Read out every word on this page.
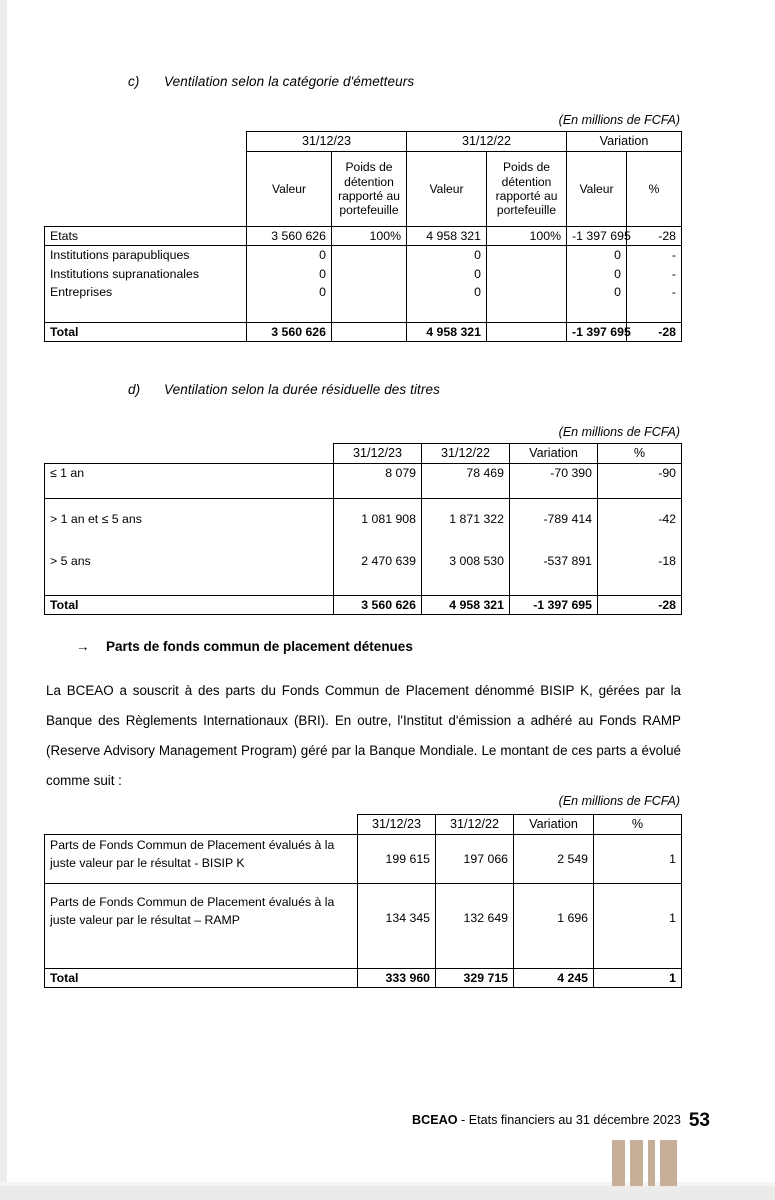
c) Ventilation selon la catégorie d'émetteurs
(En millions de FCFA)
	31/12/23		31/12/22		Variation	
	Valeur	Poids de détention rapporté au portefeuille	Valeur	Poids de détention rapporté au portefeuille	Valeur	%
Etats	3 560 626	100%	4 958 321	100%	-1 397 695	-28
Institutions parapubliques	0		0		0	-
Institutions supranationales	0		0		0	-
Entreprises	0		0		0	-
Total	3 560 626		4 958 321		-1 397 695	-28
d) Ventilation selon la durée résiduelle des titres
(En millions de FCFA)
	31/12/23	31/12/22	Variation	%
≤ 1 an	8 079	78 469	-70 390	-90
> 1 an et ≤ 5 ans	1 081 908	1 871 322	-789 414	-42
> 5 ans	2 470 639	3 008 530	-537 891	-18
Total	3 560 626	4 958 321	-1 397 695	-28
→ Parts de fonds commun de placement détenues

La BCEAO a souscrit à des parts du Fonds Commun de Placement dénommé BISIP K, gérées par la Banque des Règlements Internationaux (BRI). En outre, l'Institut d'émission a adhéré au Fonds RAMP (Reserve Advisory Management Program) géré par la Banque Mondiale. Le montant de ces parts a évolué comme suit :

(En millions de FCFA)
	31/12/23	31/12/22	Variation	%
Parts de Fonds Commun de Placement évalués à la juste valeur par le résultat - BISIP K	199 615	197 066	2 549	1
Parts de Fonds Commun de Placement évalués à la juste valeur par le résultat – RAMP	134 345	132 649	1 696	1
Total	333 960	329 715	4 245	1
BCEAO - Etats financiers au 31 décembre 2023 53
